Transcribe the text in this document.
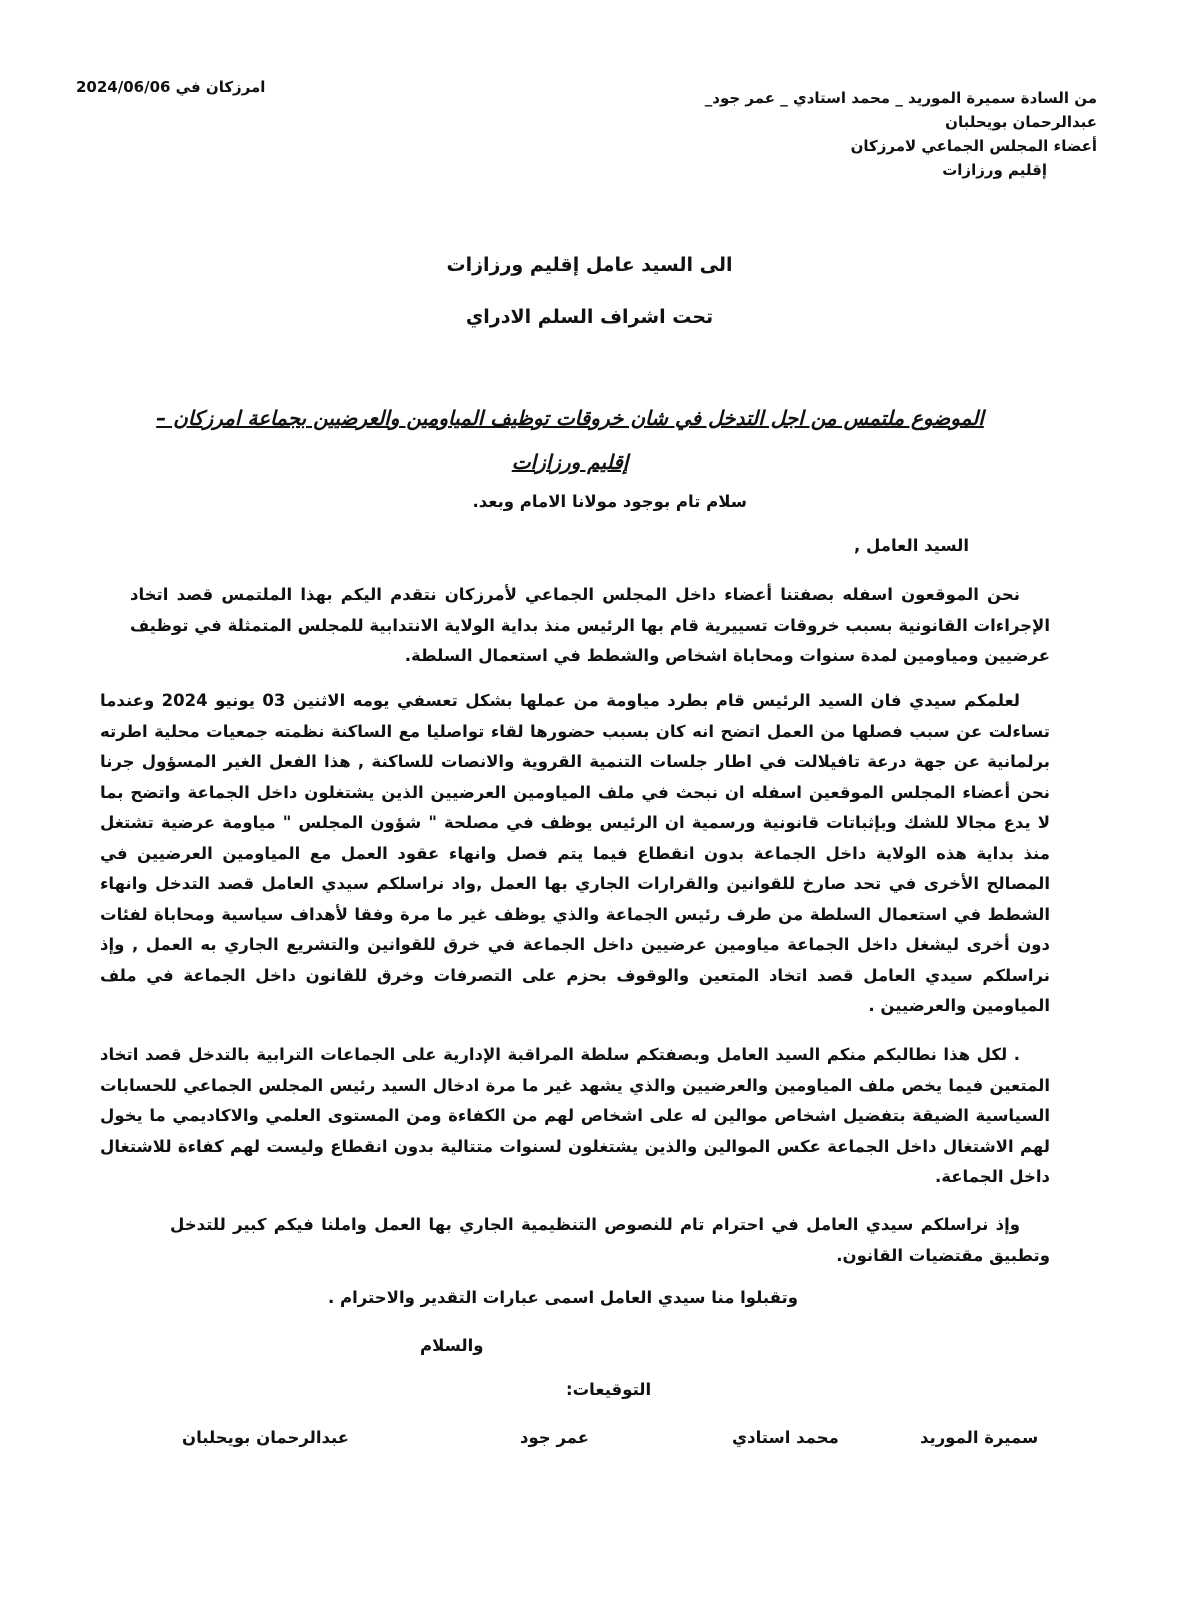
امرزكان في 2024/06/06
من السادة سميرة الموريد _ محمد استادي _ عمر جود_
عبدالرحمان بويحلبان
أعضاء المجلس الجماعي لامرزكان
إقليم ورزازات
الى السيد عامل إقليم ورزازات
تحت اشراف السلم الادراي
الموضوع ملتمس من اجل التدخل في شان خروقات توظيف المياومين والعرضيين بجماعة امرزكان –
إقليم ورزازات
سلام تام بوجود مولانا الامام وبعد.
السيد العامل ,
نحن الموقعون اسفله بصفتنا أعضاء داخل المجلس الجماعي لأمرزكان نتقدم اليكم بهذا الملتمس قصد اتخاد الإجراءات القانونية بسبب خروقات تسييرية قام بها الرئيس منذ بداية الولاية الانتدابية للمجلس المتمثلة في توظيف عرضيين ومياومين لمدة سنوات ومحاباة اشخاص والشطط في استعمال السلطة.
لعلمكم سيدي فان السيد الرئيس قام بطرد مياومة من عملها بشكل تعسفي يومه الاثنين 03 يونيو 2024 وعندما تساءلت عن سبب فصلها من العمل اتضح انه كان بسبب حضورها لقاء تواصليا مع الساكنة نظمته جمعيات محلية اطرته برلمانية عن جهة درعة تافيلالت في اطار جلسات التنمية القروية والانصات للساكنة , هذا الفعل الغير المسؤول جرنا نحن أعضاء المجلس الموقعين اسفله ان نبحث في ملف المياومين العرضيين الذين يشتغلون داخل الجماعة واتضح بما لا يدع مجالا للشك وبإثباتات قانونية ورسمية ان الرئيس يوظف في مصلحة " شؤون المجلس " مياومة عرضية تشتغل منذ بداية هذه الولاية داخل الجماعة بدون انقطاع فيما يتم فصل وانهاء عقود العمل مع المياومين العرضيين في المصالح الأخرى في تحد صارخ للقوانين والقرارات الجاري بها العمل ,واد نراسلكم سيدي العامل قصد التدخل وانهاء الشطط في استعمال السلطة من طرف رئيس الجماعة والذي يوظف غير ما مرة وفقا لأهداف سياسية ومحاباة لفئات دون أخرى ليشغل داخل الجماعة مياومين عرضيين داخل الجماعة في خرق للقوانين والتشريع الجاري به العمل , وإذ نراسلكم سيدي العامل قصد اتخاد المتعين والوقوف بحزم على التصرفات وخرق للقانون داخل الجماعة في ملف المياومين والعرضيين .
. لكل هذا نطالبكم منكم السيد العامل وبصفتكم سلطة المراقبة الإدارية على الجماعات الترابية بالتدخل قصد اتخاد المتعين فيما يخص ملف المياومين والعرضيين والذي يشهد غير ما مرة ادخال السيد رئيس المجلس الجماعي للحسابات السياسية الضيقة بتفضيل اشخاص موالين له على اشخاص لهم من الكفاءة ومن المستوى العلمي والاكاديمي ما يخول لهم الاشتغال داخل الجماعة عكس الموالين والذين يشتغلون لسنوات متتالية بدون انقطاع وليست لهم كفاءة للاشتغال داخل الجماعة.
وإذ نراسلكم سيدي العامل في احترام تام للنصوص التنظيمية الجاري بها العمل واملنا فيكم كبير للتدخل وتطبيق مقتضيات القانون.
وتقبلوا منا سيدي العامل اسمى عبارات التقدير والاحترام .
والسلام
التوقيعات:
سميرة الموريد
محمد استادي
عمر جود
عبدالرحمان بويحلبان
